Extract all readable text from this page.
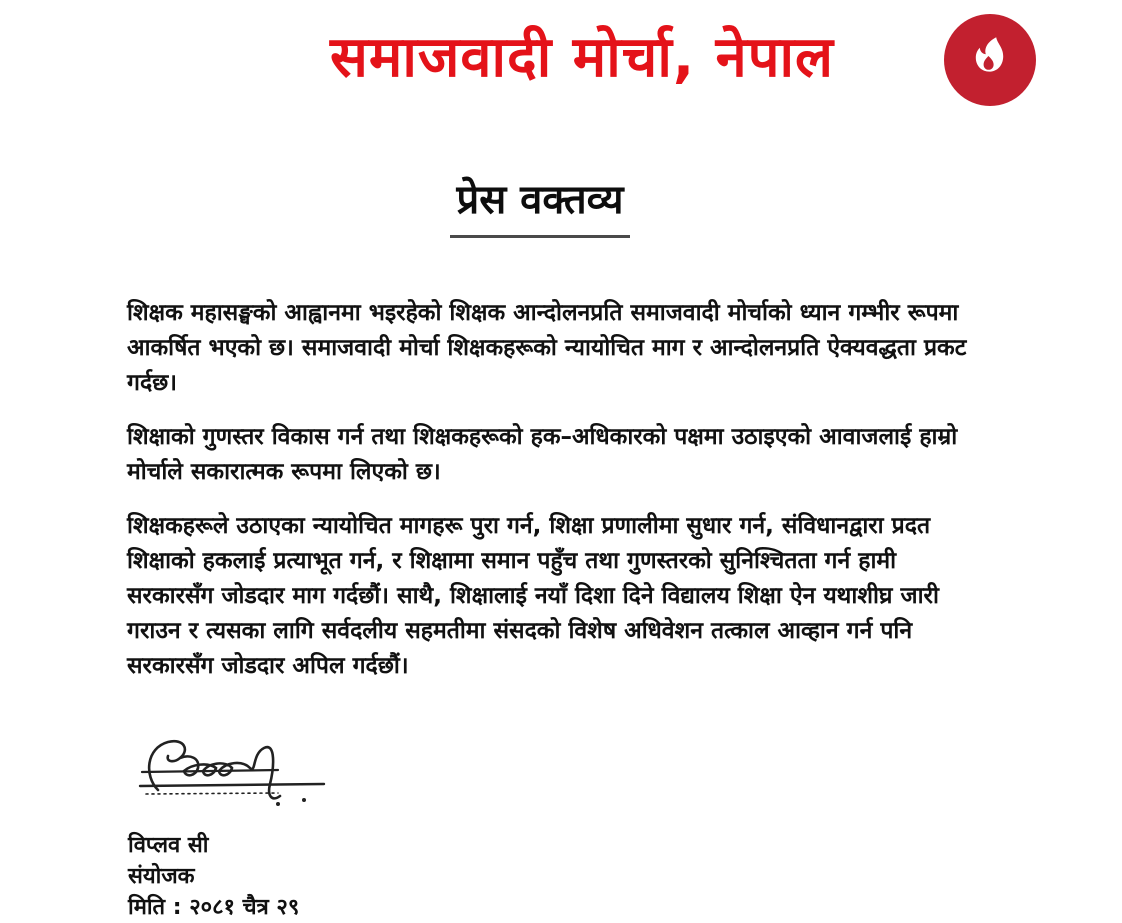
समाजवादी मोर्चा, नेपाल
प्रेस वक्तव्य

शिक्षक महासङ्घको आह्वानमा भइरहेको शिक्षक आन्दोलनप्रति समाजवादी मोर्चाको ध्यान गम्भीर रूपमा आकर्षित भएको छ। समाजवादी मोर्चा शिक्षकहरूको न्यायोचित माग र आन्दोलनप्रति ऐक्यवद्धता प्रकट गर्दछ।

शिक्षाको गुणस्तर विकास गर्न तथा शिक्षकहरूको हक–अधिकारको पक्षमा उठाइएको आवाजलाई हाम्रो मोर्चाले सकारात्मक रूपमा लिएको छ।

शिक्षकहरूले उठाएका न्यायोचित मागहरू पुरा गर्न, शिक्षा प्रणालीमा सुधार गर्न, संविधानद्वारा प्रदत शिक्षाको हकलाई प्रत्याभूत गर्न, र शिक्षामा समान पहुँच तथा गुणस्तरको सुनिश्चितता गर्न हामी सरकारसँग जोडदार माग गर्दछौं। साथै, शिक्षालाई नयाँ दिशा दिने विद्यालय शिक्षा ऐन यथाशीघ्र जारी गराउन र त्यसका लागि सर्वदलीय सहमतीमा संसदको विशेष अधिवेशन तत्काल आव्हान गर्न पनि सरकारसँग जोडदार अपिल गर्दछौं।

विप्लव सी
संयोजक
मिति : २०८१ चैत्र २९
